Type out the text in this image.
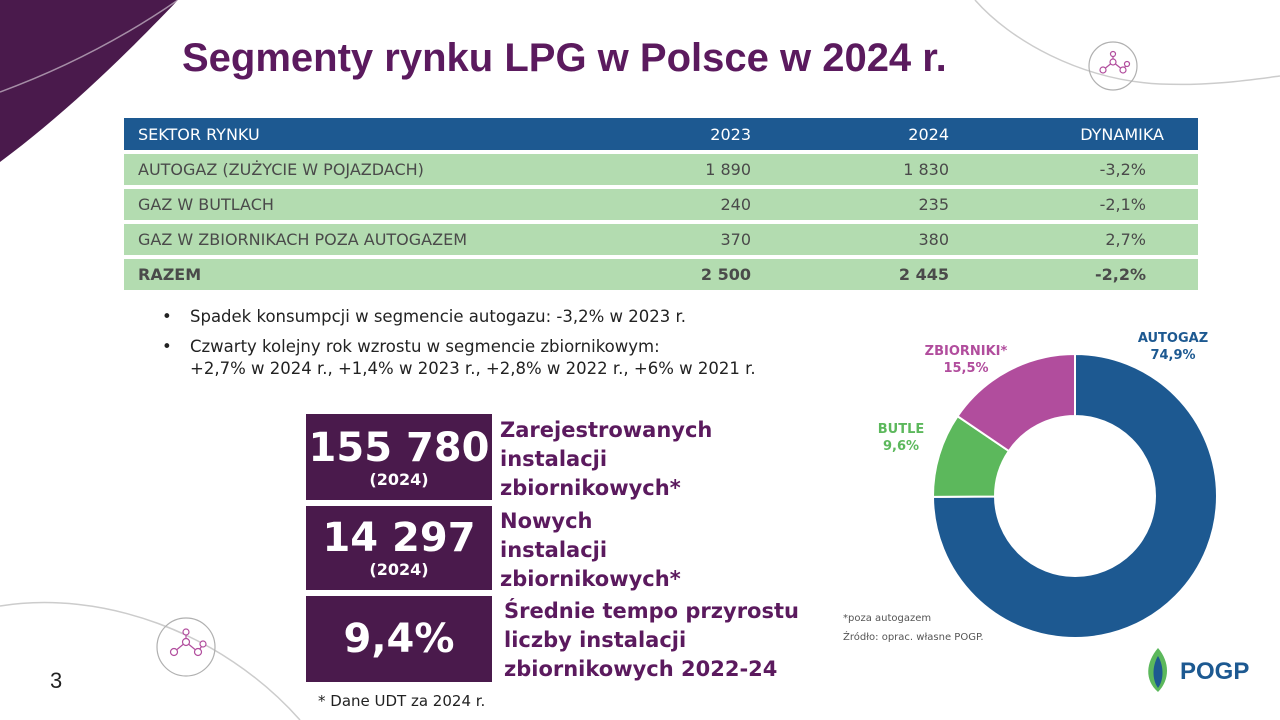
Segmenty rynku LPG w Polsce w 2024 r.
SEKTOR RYNKU	2023	2024	DYNAMIKA
AUTOGAZ (ZUŻYCIE W POJAZDACH)	1 890	1 830	-3,2%
GAZ W BUTLACH	240	235	-2,1%
GAZ W ZBIORNIKACH POZA AUTOGAZEM	370	380	2,7%
RAZEM	2 500	2 445	-2,2%
• Spadek konsumpcji w segmencie autogazu: -3,2% w 2023 r.
• Czwarty kolejny rok wzrostu w segmencie zbiornikowym:
+2,7% w 2024 r., +1,4% w 2023 r., +2,8% w 2022 r., +6% w 2021 r.
155 780
(2024)
Zarejestrowanych
instalacji
zbiornikowych*
14 297
(2024)
Nowych
instalacji
zbiornikowych*
9,4%
Średnie tempo przyrostu
liczby instalacji
zbiornikowych 2022-24
* Dane UDT za 2024 r.
3
AUTOGAZ
74,9%
BUTLE
9,6%
ZBIORNIKI*
15,5%
*poza autogazem
Źródło: oprac. własne POGP.
POGP
